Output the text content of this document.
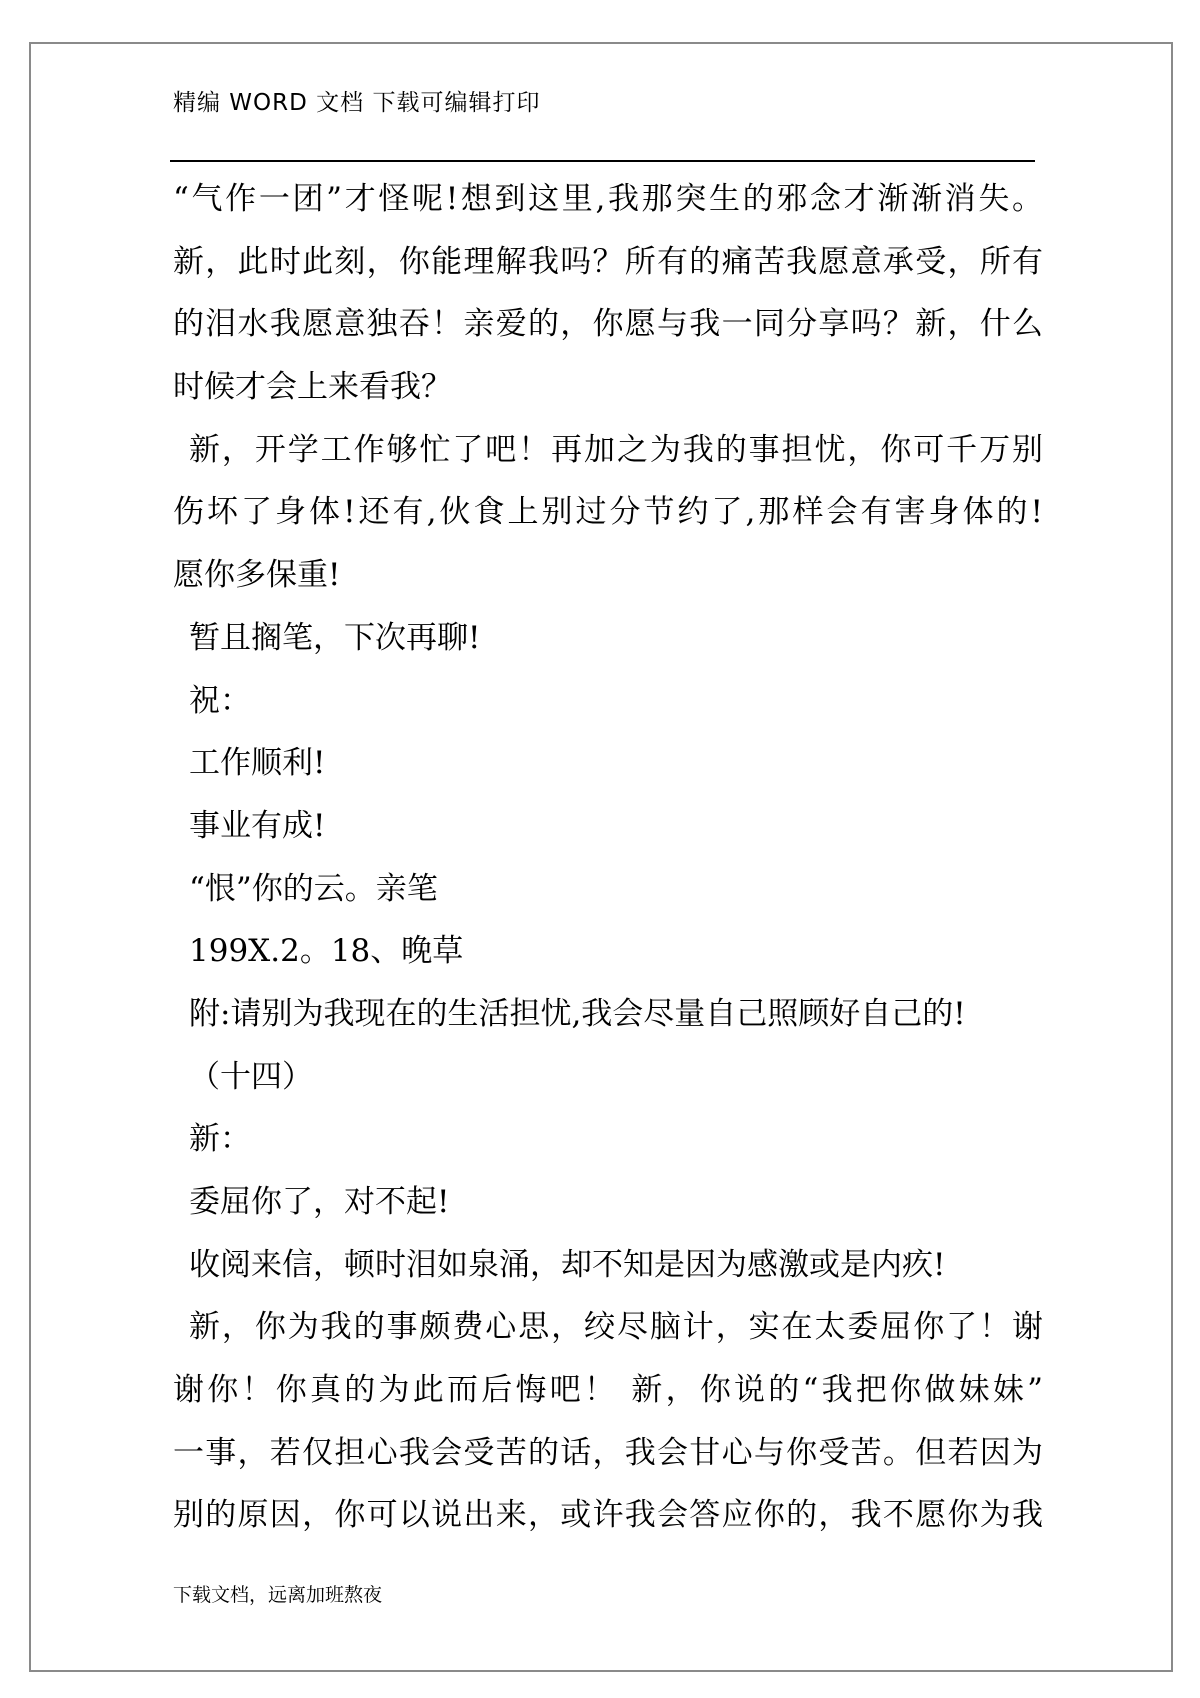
精编 WORD 文档 下载可编辑打印
“气作一团”才怪呢!想到这里,我那突生的邪念才渐渐消失。
新，此时此刻，你能理解我吗？所有的痛苦我愿意承受，所有
的泪水我愿意独吞！亲爱的，你愿与我一同分享吗？新，什么
时候才会上来看我？
新，开学工作够忙了吧！再加之为我的事担忧，你可千万别
伤坏了身体!还有,伙食上别过分节约了,那样会有害身体的!
愿你多保重!
暂且搁笔，下次再聊!
祝：
工作顺利!
事业有成!
“恨”你的云。亲笔
199X.2。18、晚草
附:请别为我现在的生活担忧,我会尽量自己照顾好自己的!
（十四）
新：
委屈你了，对不起!
收阅来信，顿时泪如泉涌，却不知是因为感激或是内疚!
新，你为我的事颇费心思，绞尽脑计，实在太委屈你了！谢
谢你！你真的为此而后悔吧！ 新，你说的“我把你做妹妹”
一事，若仅担心我会受苦的话，我会甘心与你受苦。但若因为
别的原因，你可以说出来，或许我会答应你的，我不愿你为我
下载文档，远离加班熬夜
